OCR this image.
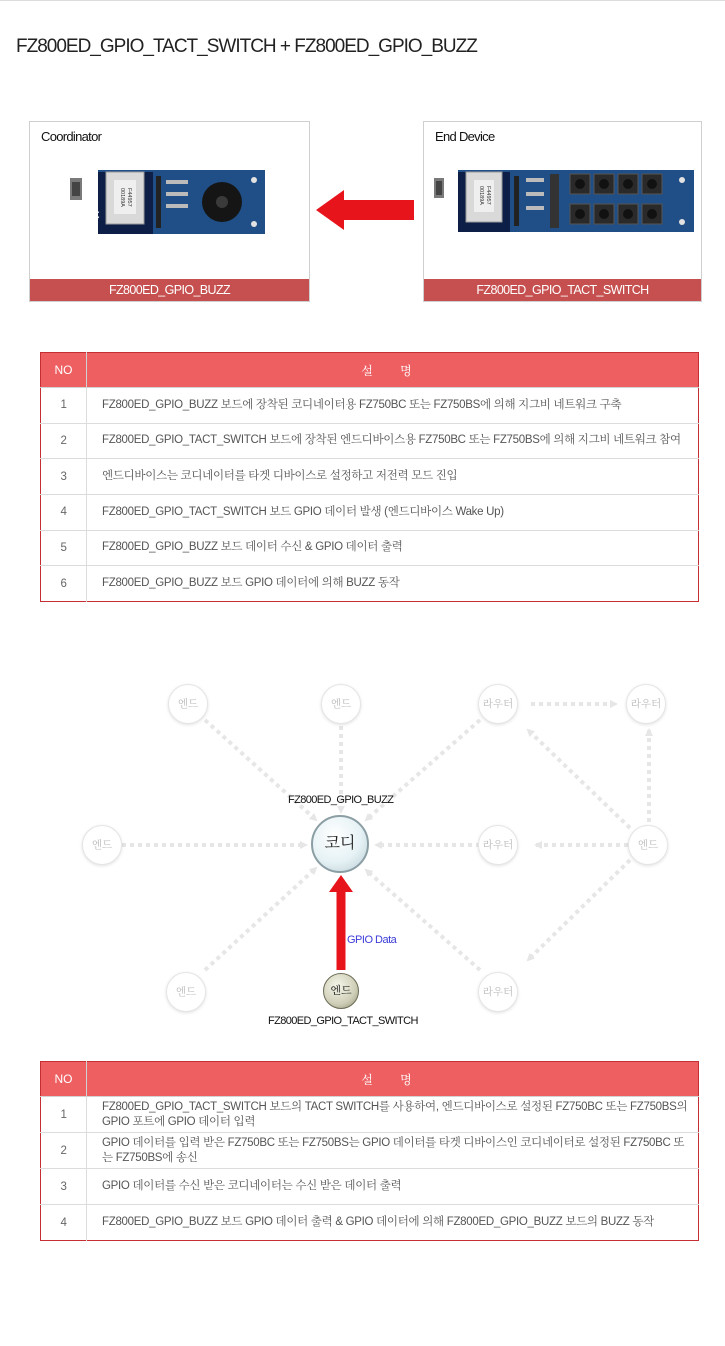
FZ800ED_GPIO_TACT_SWITCH + FZ800ED_GPIO_BUZZ
Coordinator
00189A F44957
PC
FZ800ED_GPIO_BUZZ
End Device
00189A F44957
FZ800ED_GPIO_TACT_SWITCH
NO	설 명
1	FZ800ED_GPIO_BUZZ 보드에 장착된 코디네이터용 FZ750BC 또는 FZ750BS에 의해 지그비 네트워크 구축
2	FZ800ED_GPIO_TACT_SWITCH 보드에 장착된 엔드디바이스용 FZ750BC 또는 FZ750BS에 의해 지그비 네트워크 참여
3	엔드디바이스는 코디네이터를 타겟 디바이스로 설정하고 저전력 모드 진입
4	FZ800ED_GPIO_TACT_SWITCH 보드 GPIO 데이터 발생 (엔드디바이스 Wake Up)
5	FZ800ED_GPIO_BUZZ 보드 데이터 수신 & GPIO 데이터 출력
6	FZ800ED_GPIO_BUZZ 보드 GPIO 데이터에 의해 BUZZ 동작
엔드	엔드	라우터	라우터
엔드	라우터	엔드
엔드	라우터
코디
FZ800ED_GPIO_BUZZ
엔드
FZ800ED_GPIO_TACT_SWITCH
GPIO Data
NO	설 명
1	FZ800ED_GPIO_TACT_SWITCH 보드의 TACT SWITCH를 사용하여, 엔드디바이스로 설정된 FZ750BC 또는 FZ750BS의 GPIO 포트에 GPIO 데이터 입력
2	GPIO 데이터를 입력 받은 FZ750BC 또는 FZ750BS는 GPIO 데이터를 타겟 디바이스인 코디네이터로 설정된 FZ750BC 또는 FZ750BS에 송신
3	GPIO 데이터를 수신 받은 코디네이터는 수신 받은 데이터 출력
4	FZ800ED_GPIO_BUZZ 보드 GPIO 데이터 출력 & GPIO 데이터에 의해 FZ800ED_GPIO_BUZZ 보드의 BUZZ 동작
